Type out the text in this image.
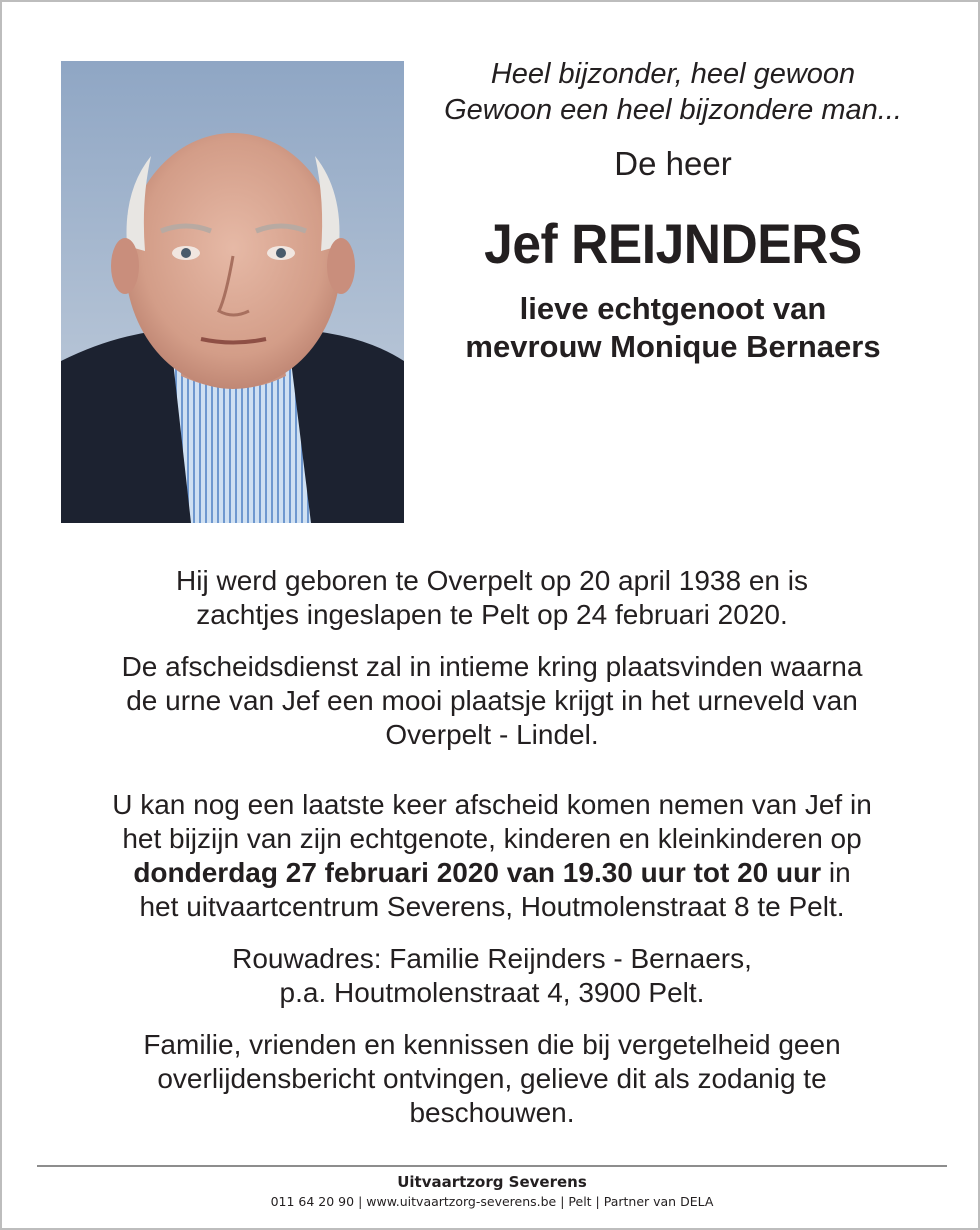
Heel bijzonder, heel gewoon

Gewoon een heel bijzondere man...

De heer

Jef REIJNDERS

lieve echtgenoot van

mevrouw Monique Bernaers

Hij werd geboren te Overpelt op 20 april 1938 en is
zachtjes ingeslapen te Pelt op 24 februari 2020.

De afscheidsdienst zal in intieme kring plaatsvinden waarna
de urne van Jef een mooi plaatsje krijgt in het urneveld van
Overpelt - Lindel.

U kan nog een laatste keer afscheid komen nemen van Jef in
het bijzijn van zijn echtgenote, kinderen en kleinkinderen op
donderdag 27 februari 2020 van 19.30 uur tot 20 uur in
het uitvaartcentrum Severens, Houtmolenstraat 8 te Pelt.

Rouwadres: Familie Reijnders - Bernaers,
p.a. Houtmolenstraat 4, 3900 Pelt.

Familie, vrienden en kennissen die bij vergetelheid geen
overlijdensbericht ontvingen, gelieve dit als zodanig te
beschouwen.

Uitvaartzorg Severens
011 64 20 90 | www.uitvaartzorg-severens.be | Pelt | Partner van DELA
